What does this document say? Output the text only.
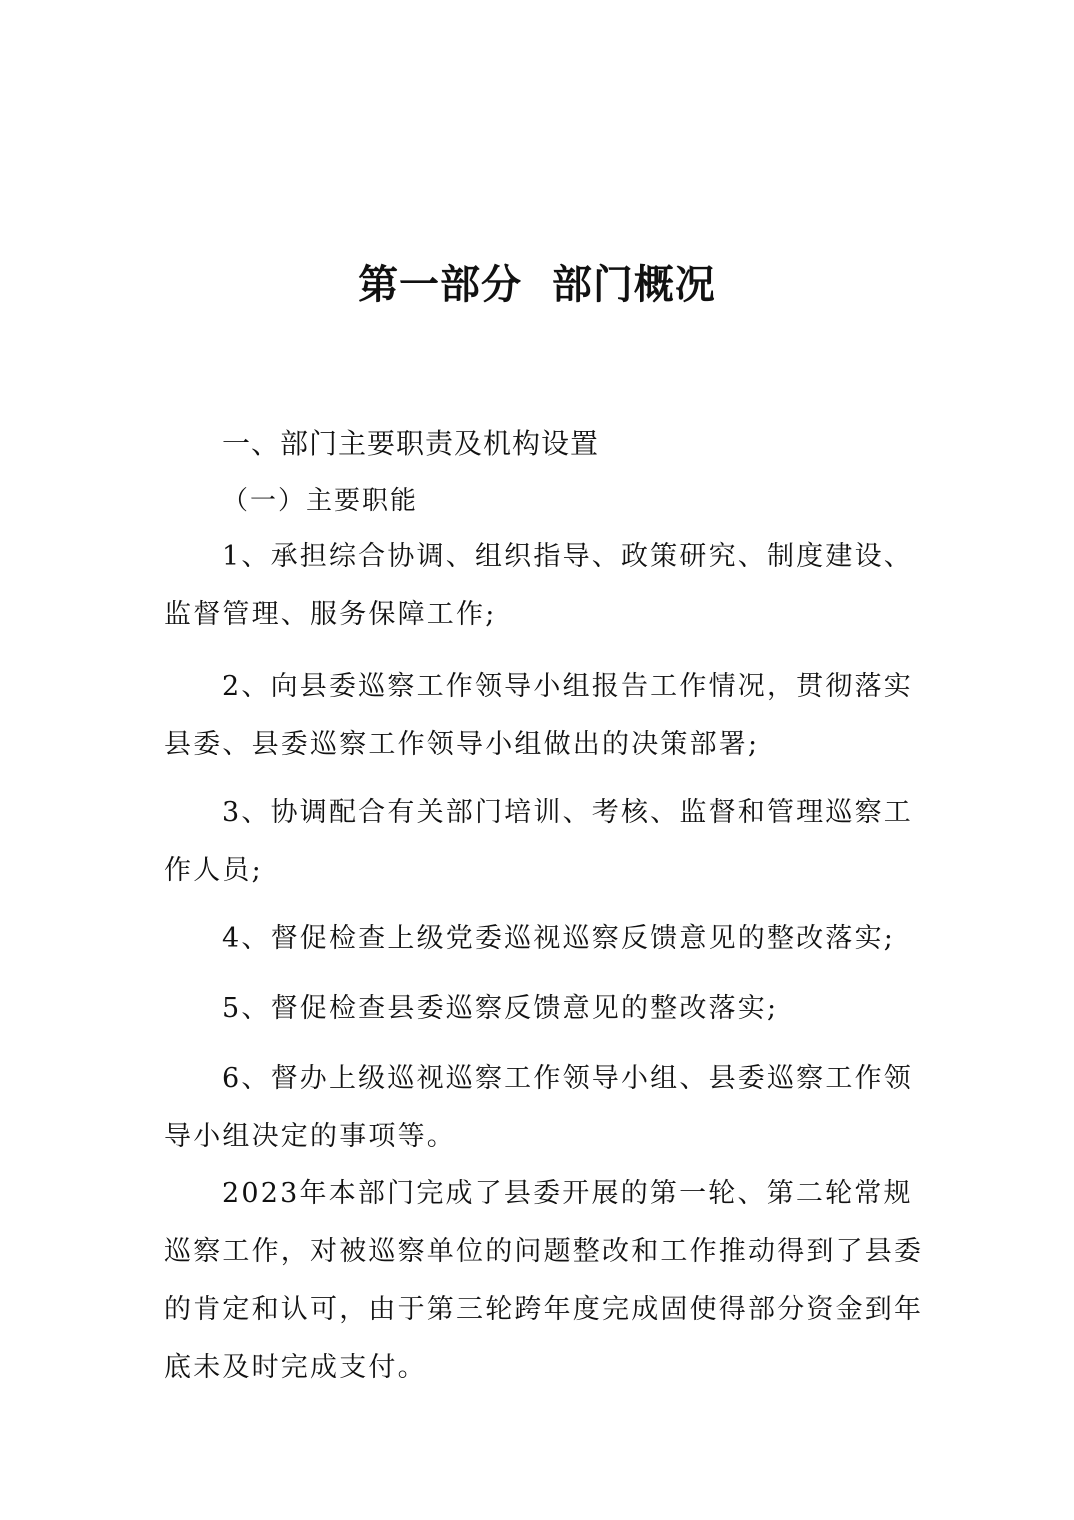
第一部分  部门概况
一、部门主要职责及机构设置
（一）主要职能

1、承担综合协调、组织指导、政策研究、制度建设、监督管理、服务保障工作;

2、向县委巡察工作领导小组报告工作情况，贯彻落实县委、县委巡察工作领导小组做出的决策部署;

3、协调配合有关部门培训、考核、监督和管理巡察工作人员;

4、督促检查上级党委巡视巡察反馈意见的整改落实;

5、督促检查县委巡察反馈意见的整改落实;

6、督办上级巡视巡察工作领导小组、县委巡察工作领导小组决定的事项等。

2023年本部门完成了县委开展的第一轮、第二轮常规巡察工作，对被巡察单位的问题整改和工作推动得到了县委的肯定和认可，由于第三轮跨年度完成固使得部分资金到年底未及时完成支付。
